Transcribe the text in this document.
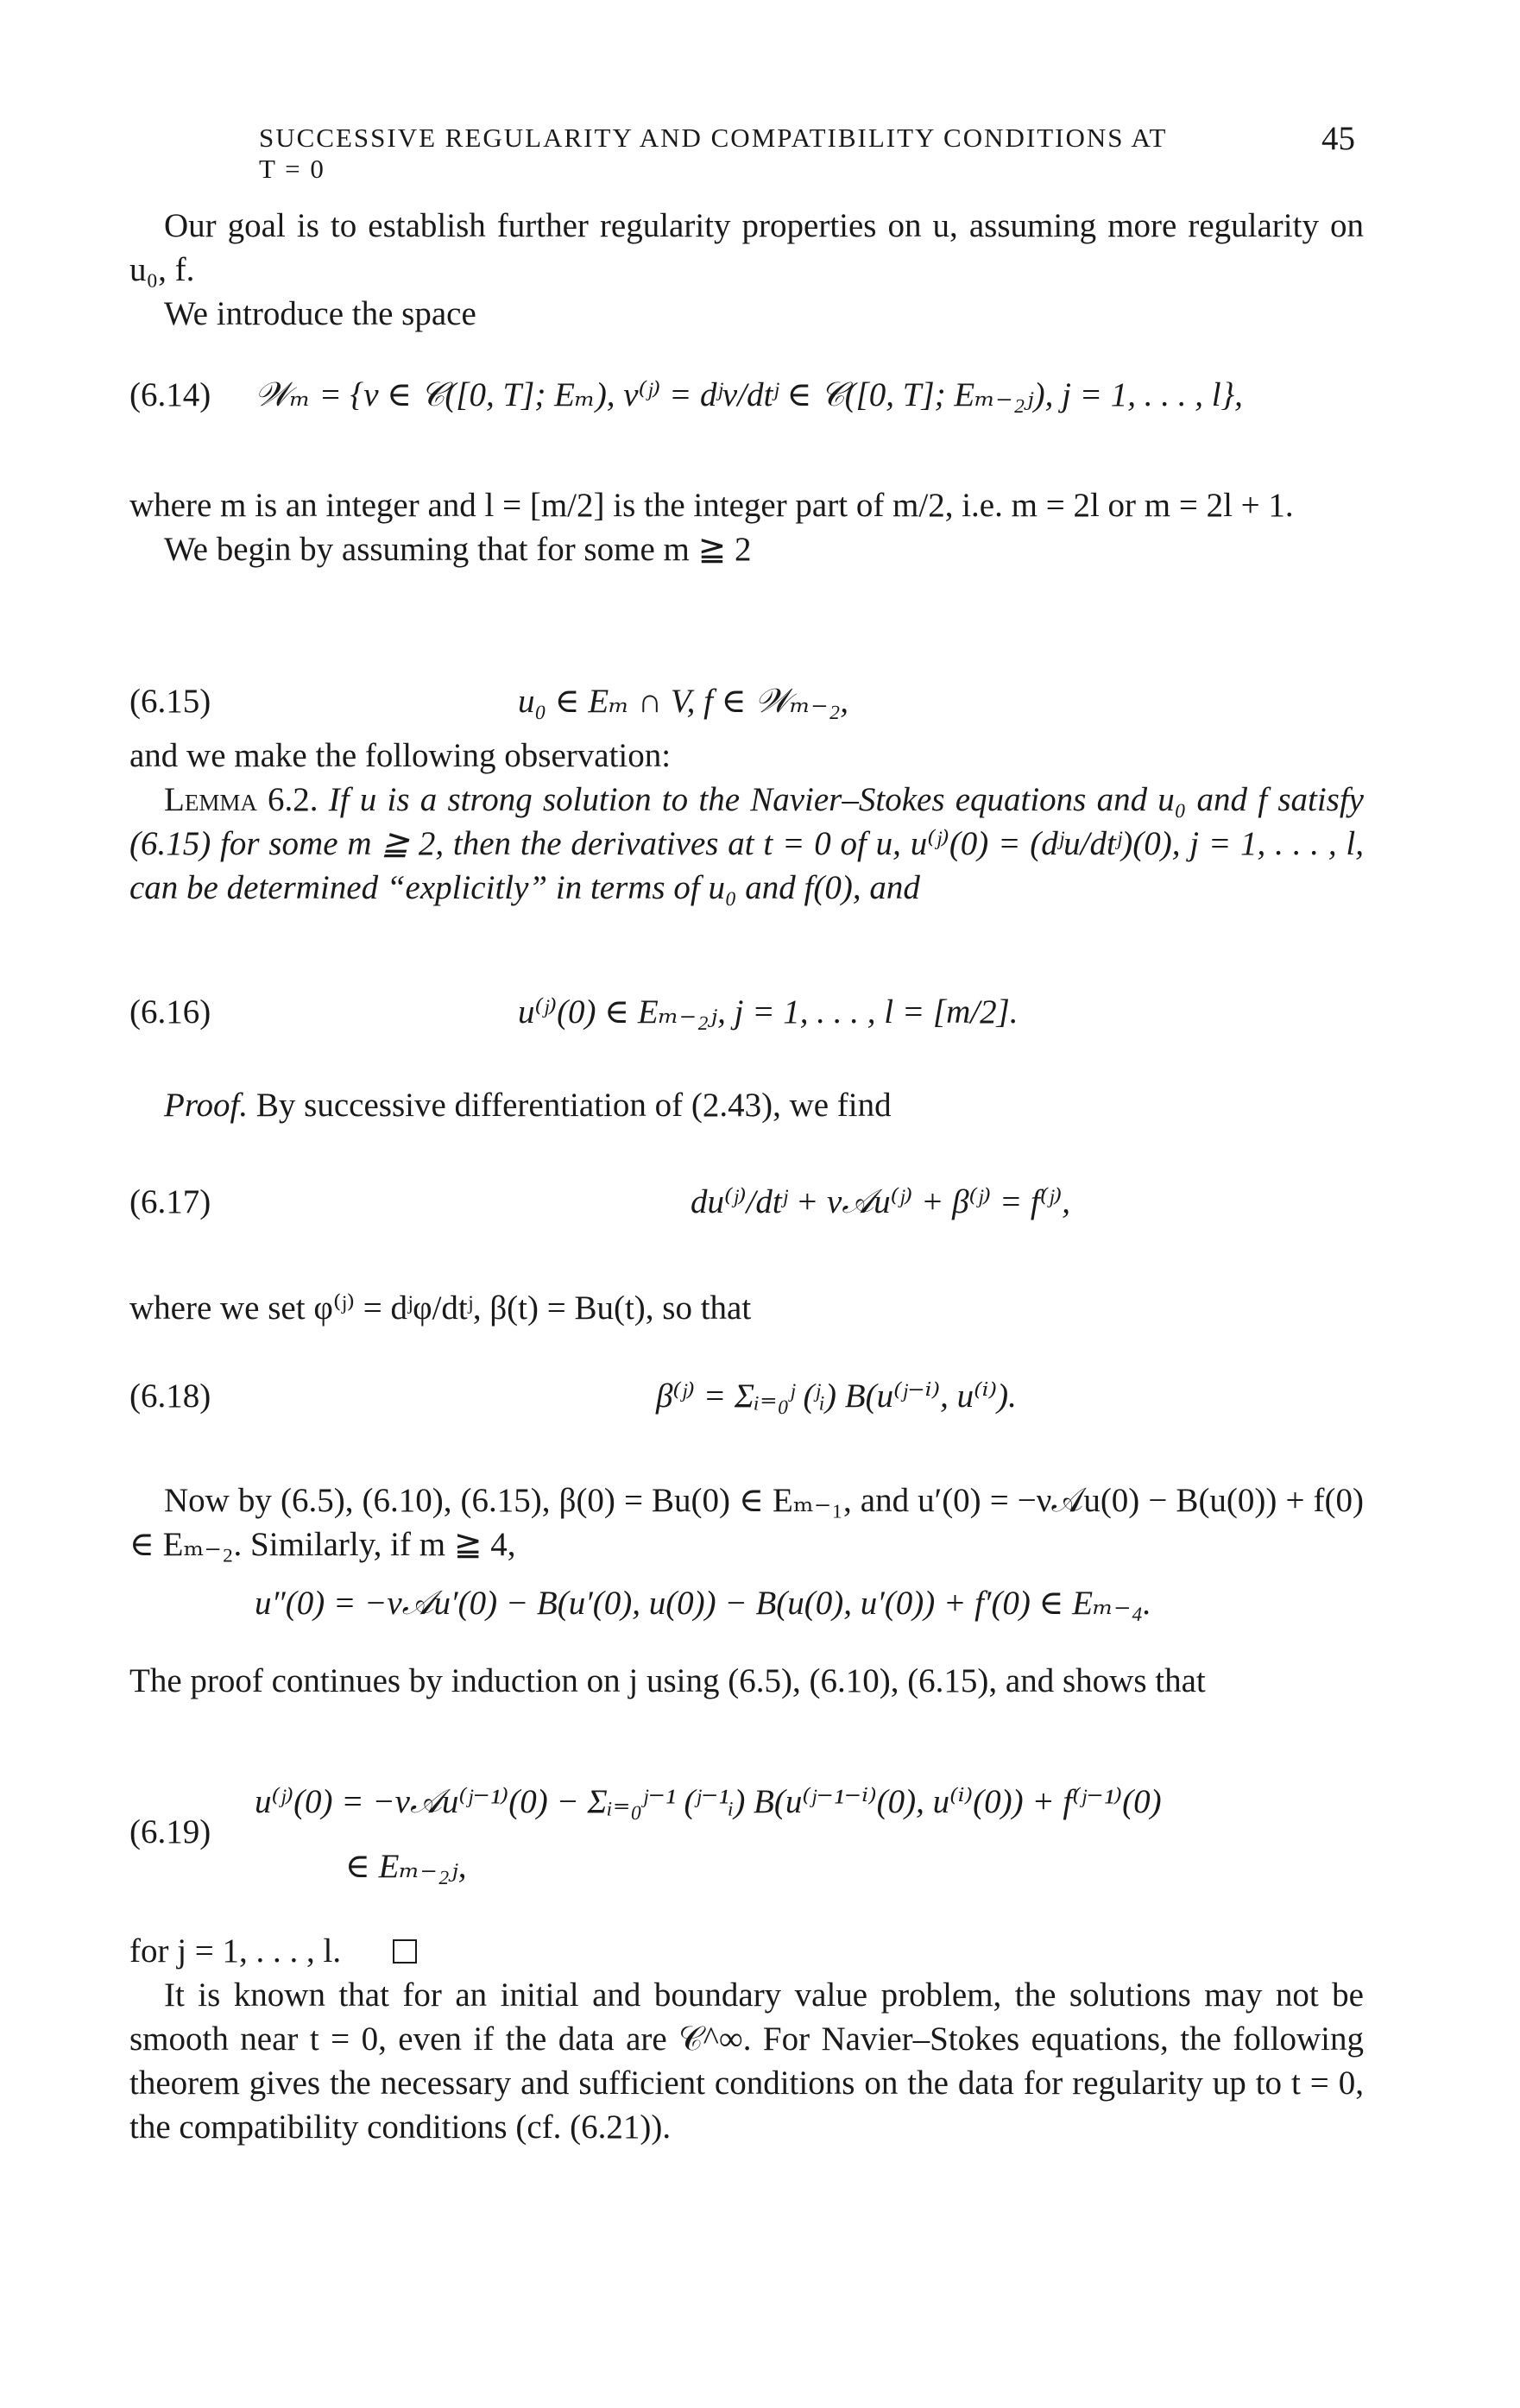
SUCCESSIVE REGULARITY AND COMPATIBILITY CONDITIONS AT T = 0
45

Our goal is to establish further regularity properties on u, assuming more regularity on u₀, f.

We introduce the space

(6.14) 𝒲ₘ = {v ∈ 𝒞([0, T]; Eₘ), v⁽ʲ⁾ = dʲv/dtʲ ∈ 𝒞([0, T]; Eₘ₋₂ⱼ), j = 1, . . . , l},

where m is an integer and l = [m/2] is the integer part of m/2, i.e. m = 2l or m = 2l + 1.

We begin by assuming that for some m ≧ 2

(6.15)	u₀ ∈ Eₘ ∩ V, f ∈ 𝒲ₘ₋₂,

and we make the following observation:

Lemma 6.2. If u is a strong solution to the Navier–Stokes equations and u₀ and f satisfy (6.15) for some m ≧ 2, then the derivatives at t = 0 of u, u⁽ʲ⁾(0) = (dʲu/dtʲ)(0), j = 1, . . . , l, can be determined “explicitly” in terms of u₀ and f(0), and

(6.16)	u⁽ʲ⁾(0) ∈ Eₘ₋₂ⱼ, j = 1, . . . , l = [m/2].

Proof. By successive differentiation of (2.43), we find

(6.17)	du⁽ʲ⁾/dtʲ + ν𝒜u⁽ʲ⁾ + β⁽ʲ⁾ = f⁽ʲ⁾,

where we set φ⁽ʲ⁾ = dʲφ/dtʲ, β(t) = Bu(t), so that

(6.18)	β⁽ʲ⁾ = Σᵢ₌₀ʲ (ʲᵢ) B(u⁽ʲ⁻ⁱ⁾, u⁽ⁱ⁾).

Now by (6.5), (6.10), (6.15), β(0) = Bu(0) ∈ Eₘ₋₁, and u′(0) = −ν𝒜u(0) − B(u(0)) + f(0) ∈ Eₘ₋₂. Similarly, if m ≧ 4,

u″(0) = −ν𝒜u′(0) − B(u′(0), u(0)) − B(u(0), u′(0)) + f′(0) ∈ Eₘ₋₄.

The proof continues by induction on j using (6.5), (6.10), (6.15), and shows that

(6.19)
u⁽ʲ⁾(0) = −ν𝒜u⁽ʲ⁻¹⁾(0) − Σᵢ₌₀ʲ⁻¹ (ʲ⁻¹ᵢ) B(u⁽ʲ⁻¹⁻ⁱ⁾(0), u⁽ⁱ⁾(0)) + f⁽ʲ⁻¹⁾(0)
∈ Eₘ₋₂ⱼ,

for j = 1, . . . , l.

It is known that for an initial and boundary value problem, the solutions may not be smooth near t = 0, even if the data are 𝒞^∞. For Navier–Stokes equations, the following theorem gives the necessary and sufficient conditions on the data for regularity up to t = 0, the compatibility conditions (cf. (6.21)).
